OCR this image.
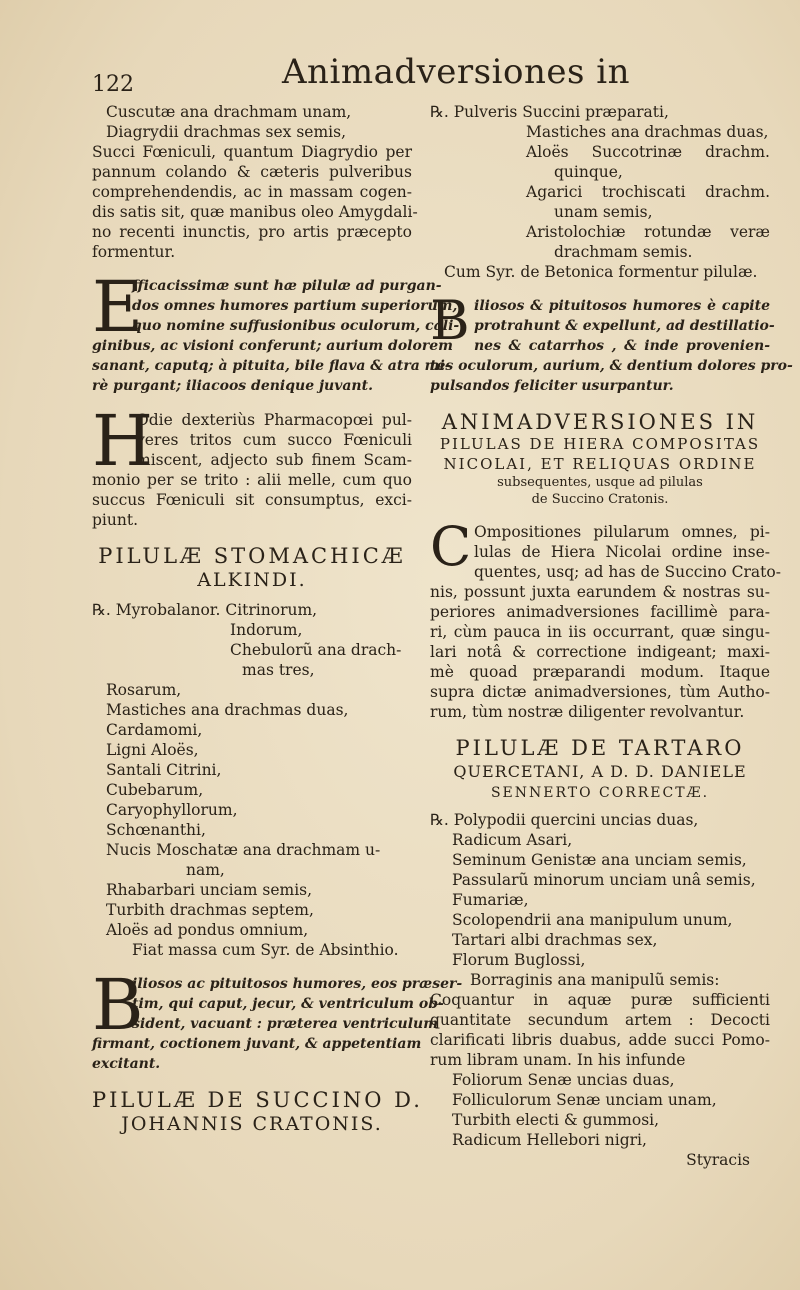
122	Animadversiones in
Cuscutæ ana drachmam unam,
Diagrydii drachmas sex semis,
Succi Fœniculi, quantum Diagrydio per
pannum colando & cæteris pulveribus
comprehendendis, ac in massam cogen-
dis satis sit, quæ manibus oleo Amygdali-
no recenti inunctis, pro artis præcepto
formentur.
E
fficacissimæ sunt hæ pilulæ ad purgan-
dos omnes humores partium superiorum,
quo nomine suffusionibus oculorum, cali-
ginibus, ac visioni conferunt; aurium dolorem
sanant, caputq; à pituita, bile flava & atra mi-
rè purgant; iliacoos denique juvant.
H
Odie dexteriùs Pharmacopœi pul-
veres tritos cum succo Fœniculi
miscent, adjecto sub finem Scam-
monio per se trito : alii melle, cum quo
succus Fœniculi sit consumptus, exci-
piunt.
PILULÆ STOMACHICÆ
ALKINDI.
℞. Myrobalanor. Citrinorum,
Indorum,
Chebulorũ ana drach-
mas tres,
Rosarum,
Mastiches ana drachmas duas,
Cardamomi,
Ligni Aloës,
Santali Citrini,
Cubebarum,
Caryophyllorum,
Schœnanthi,
Nucis Moschatæ ana drachmam u-
nam,
Rhabarbari unciam semis,
Turbith drachmas septem,
Aloës ad pondus omnium,
Fiat massa cum Syr. de Absinthio.
B
iliosos ac pituitosos humores, eos præser-
tim, qui caput, jecur, & ventriculum ob-
sident, vacuant : præterea ventriculum
firmant, coctionem juvant, & appetentiam
excitant.
PILULÆ DE SUCCINO D.
JOHANNIS CRATONIS.
℞. Pulveris Succini præparati,
Mastiches ana drachmas duas,
Aloës Succotrinæ drachm.
quinque,
Agarici trochiscati drachm.
unam semis,
Aristolochiæ rotundæ veræ
drachmam semis.
Cum Syr. de Betonica formentur pilulæ.
B iliosos & pituitosos humores è capite
protrahunt & expellunt, ad destillatio-
nes & catarrhos , & inde provenien-
tes oculorum, aurium, & dentium dolores pro-
pulsandos feliciter usurpantur.
ANIMADVERSIONES IN
PILULAS DE HIERA COMPOSITAS
NICOLAI, ET RELIQUAS ORDINE
subsequentes, usque ad pilulas
de Succino Cratonis.
C Ompositiones pilularum omnes, pi-
lulas de Hiera Nicolai ordine inse-
quentes, usq; ad has de Succino Crato-
nis, possunt juxta earundem & nostras su-
periores animadversiones facillimè para-
ri, cùm pauca in iis occurrant, quæ singu-
lari notâ & correctione indigeant; maxi-
mè quoad præparandi modum. Itaque
supra dictæ animadversiones, tùm Autho-
rum, tùm nostræ diligenter revolvantur.
PILULÆ DE TARTARO
QUERCETANI, A D. D. DANIELE
SENNERTO CORRECTÆ.
℞. Polypodii quercini uncias duas,
Radicum Asari,
Seminum Genistæ ana unciam semis,
Passularũ minorum unciam unâ semis,
Fumariæ,
Scolopendrii ana manipulum unum,
Tartari albi drachmas sex,
Florum Buglossi,
Borraginis ana manipulũ semis:
Coquantur in aquæ puræ sufficienti
quantitate secundum artem : Decocti
clarificati libris duabus, adde succi Pomo-
rum libram unam. In his infunde
Foliorum Senæ uncias duas,
Folliculorum Senæ unciam unam,
Turbith electi & gummosi,
Radicum Hellebori nigri,
Styracis
